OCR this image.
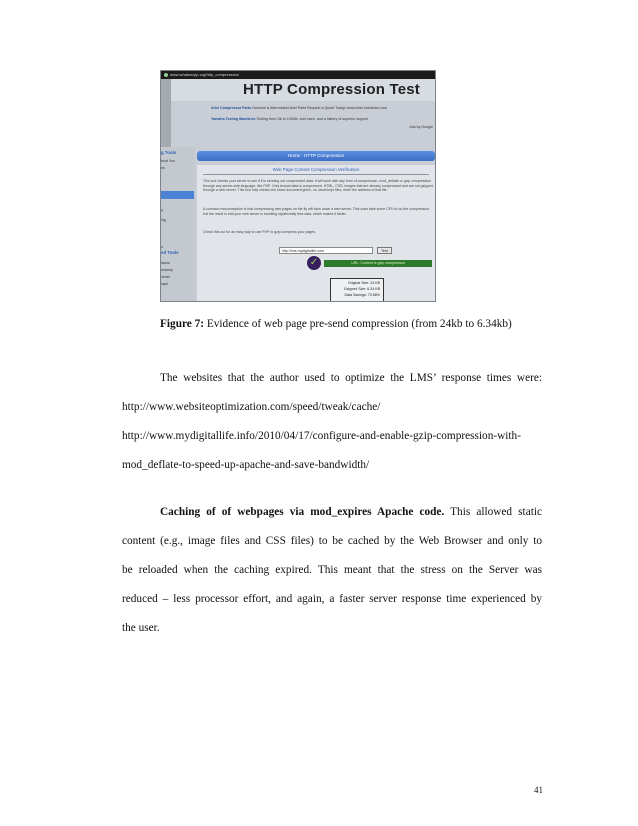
www.whatsmyip.org/http_compression/
HTTP Compression Test
Ariel Compressor Parts Genuine is Aftermarket Ariel Parts Request a Quote Today! www.Ariel-Industries.com
Yamaha Testing Machines Testing from 1lb to 1000lb, and more, and a history of superior support
Ads by Google
g Tools
bout You
es
P
ing
ed Tools
s
lators
estamp
verter
raph
Home : HTTP Compression
Web Page Content Compression Verification
This tool checks your server to see if it is sending out compressed data. It will work with any form of compression, mod_deflate or gzip compression through any server-side language, like PHP. Only textual data is compressed. HTML, CSS, images that are already compressed and are not gzipped through a web server. This tool only checks the exact document given, no JavaScript files, enter the address of that file.
A common misconception is that compressing web pages on the fly will slow down a web server. This does take some CPU to do the compression, but the result is that your web server is handling significantly less data, which makes it faster.
Check this out for an easy way to use PHP to gzip compress your pages.
http://lms.mydigitallife.com	Test
✓	URL: Content is gzip compressed
Original Size: 24 KB
Gzipped Size: 6.34 KB
Data Savings: 73.58%
Figure 7: Evidence of web page pre-send compression (from 24kb to 6.34kb)
The websites that the author used to optimize the LMS’ response times were:
http://www.websiteoptimization.com/speed/tweak/cache/
http://www.mydigitallife.info/2010/04/17/configure-and-enable-gzip-compression-with-
mod_deflate-to-speed-up-apache-and-save-bandwidth/
Caching of of webpages via mod_expires Apache code. This allowed static
content (e.g., image files and CSS files) to be cached by the Web Browser and only to
be reloaded when the caching expired. This meant that the stress on the Server was
reduced – less processor effort, and again, a faster server response time experienced by
the user.
41
